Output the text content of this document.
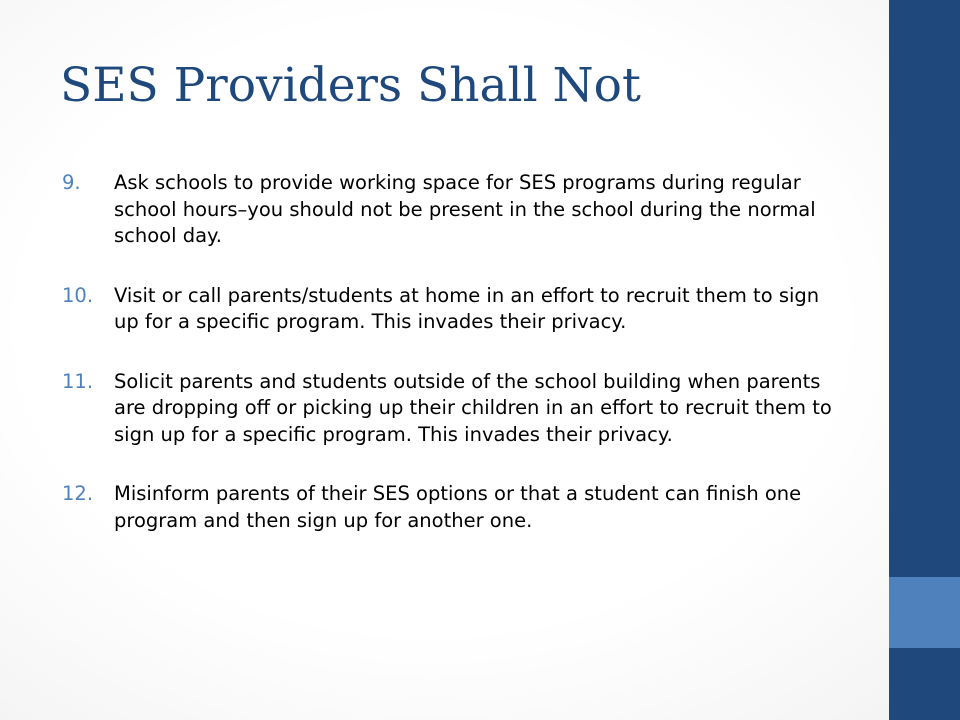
SES Providers Shall Not
9. Ask schools to provide working space for SES programs during regular school hours–you should not be present in the school during the normal school day.
10. Visit or call parents/students at home in an effort to recruit them to sign up for a specific program. This invades their privacy.
11. Solicit parents and students outside of the school building when parents are dropping off or picking up their children in an effort to recruit them to sign up for a specific program. This invades their privacy.
12. Misinform parents of their SES options or that a student can finish one program and then sign up for another one.
